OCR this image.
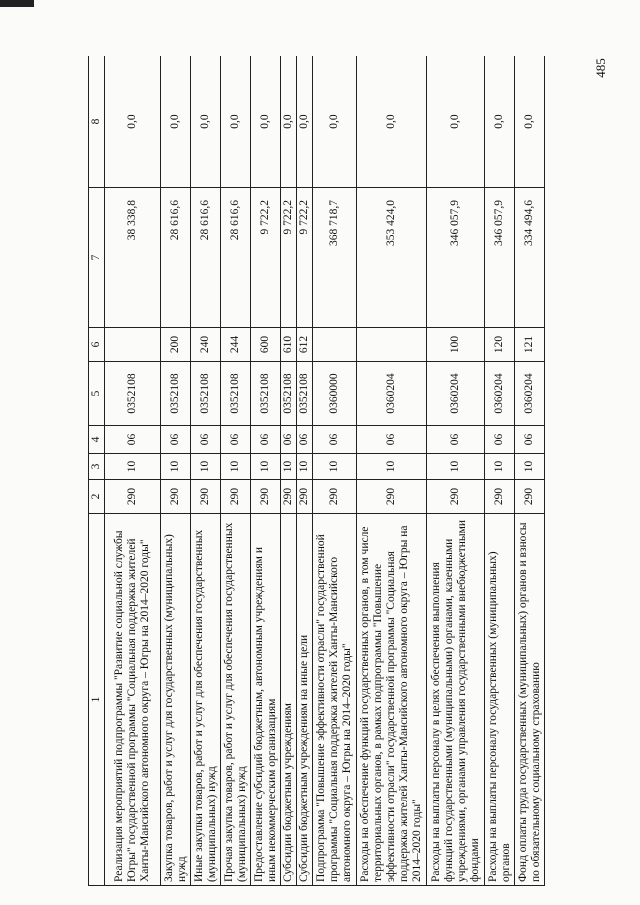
485
1	2	3	4	5	6	7	8
Реализация мероприятий подпрограммы "Развитие социальной службы Югры" государственной программы "Социальная поддержка жителей Ханты-Мансийского автономного округа – Югры на 2014–2020 годы"	290	10	06	0352108		38 338,8	0,0
Закупка товаров, работ и услуг для государственных (муниципальных) нужд	290	10	06	0352108	200	28 616,6	0,0
Иные закупки товаров, работ и услуг для обеспечения государственных (муниципальных) нужд	290	10	06	0352108	240	28 616,6	0,0
Прочая закупка товаров, работ и услуг для обеспечения государственных (муниципальных) нужд	290	10	06	0352108	244	28 616,6	0,0
Предоставление субсидий бюджетным, автономным учреждениям и иным некоммерческим организациям	290	10	06	0352108	600	9 722,2	0,0
Субсидии бюджетным учреждениям	290	10	06	0352108	610	9 722,2	0,0
Субсидии бюджетным учреждениям на иные цели	290	10	06	0352108	612	9 722,2	0,0
Подпрограмма "Повышение эффективности отрасли" государственной программы "Социальная поддержка жителей Ханты-Мансийского автономного округа – Югры на 2014–2020 годы"	290	10	06	0360000		368 718,7	0,0
Расходы на обеспечение функций государственных органов, в том числе территориальных органов, в рамках подпрограммы "Повышение эффективности отрасли" государственной программы "Социальная поддержка жителей Ханты-Мансийского автономного округа – Югры на 2014–2020 годы"	290	10	06	0360204		353 424,0	0,0
Расходы на выплаты персоналу в целях обеспечения выполнения функций государственными (муниципальными) органами, казенными учреждениями, органами управления государственными внебюджетными фондами	290	10	06	0360204	100	346 057,9	0,0
Расходы на выплаты персоналу государственных (муниципальных) органов	290	10	06	0360204	120	346 057,9	0,0
Фонд оплаты труда государственных (муниципальных) органов и взносы по обязательному социальному страхованию	290	10	06	0360204	121	334 494,6	0,0
